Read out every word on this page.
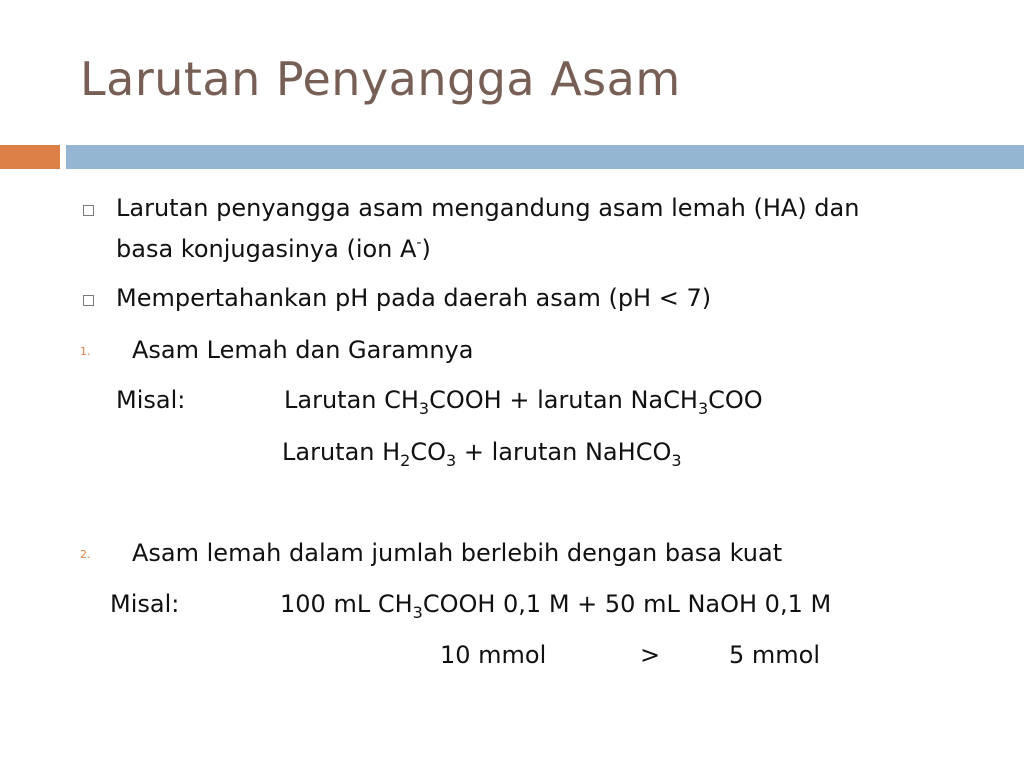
Larutan Penyangga Asam
Larutan penyangga asam mengandung asam lemah (HA) dan
basa konjugasinya (ion A-)
Mempertahankan pH pada daerah asam (pH < 7)
1. Asam Lemah dan Garamnya
Misal:	Larutan $CH_3COOH$ + larutan NaCH$_3$COO
Larutan $H_2CO_3$ + larutan NaHCO$_3$
2. Asam lemah dalam jumlah berlebih dengan basa kuat
Misal:	100 mL $CH_3COOH$ 0,1 M + 50 mL NaOH 0,1 M
10 mmol	>	5 mmol
